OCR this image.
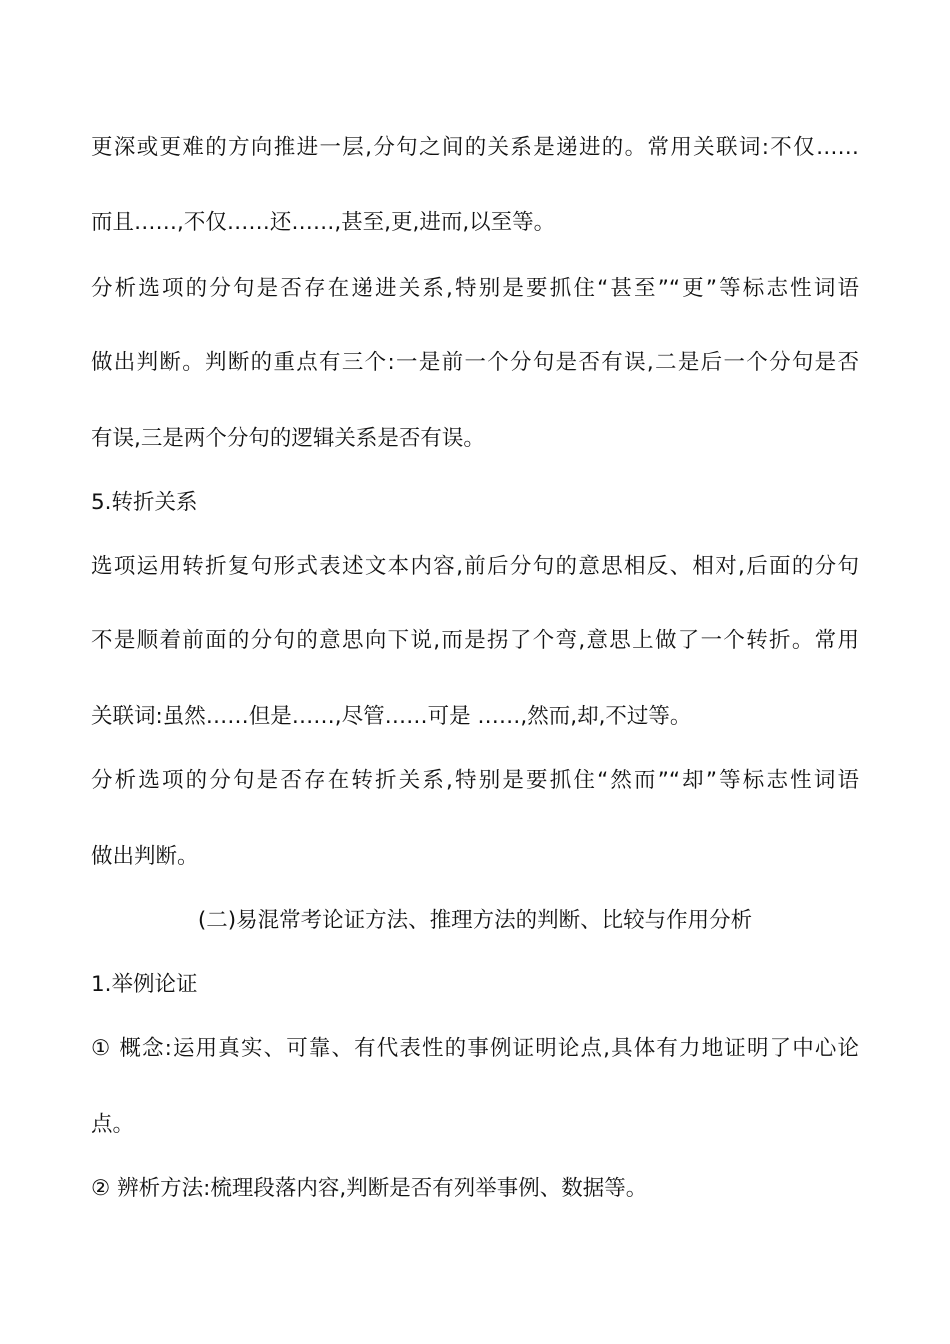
更深或更难的方向推进一层,分句之间的关系是递进的。常用关联词:不仅……
而且……,不仅……还……,甚至,更,进而,以至等。
分析选项的分句是否存在递进关系,特别是要抓住“甚至”“更”等标志性词语
做出判断。判断的重点有三个:一是前一个分句是否有误,二是后一个分句是否
有误,三是两个分句的逻辑关系是否有误。
5.转折关系
选项运用转折复句形式表述文本内容,前后分句的意思相反、相对,后面的分句
不是顺着前面的分句的意思向下说,而是拐了个弯,意思上做了一个转折。常用
关联词:虽然……但是……,尽管……可是 ……,然而,却,不过等。
分析选项的分句是否存在转折关系,特别是要抓住“然而”“却”等标志性词语
做出判断。
(二)易混常考论证方法、推理方法的判断、比较与作用分析
1.举例论证
① 概念:运用真实、可靠、有代表性的事例证明论点,具体有力地证明了中心论
点。
② 辨析方法:梳理段落内容,判断是否有列举事例、数据等。
